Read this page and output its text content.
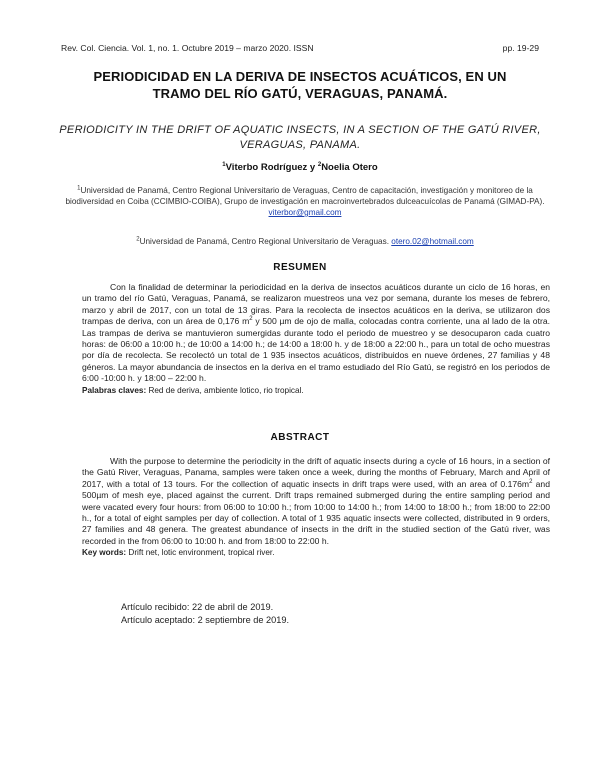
Rev. Col. Ciencia. Vol. 1, no. 1. Octubre 2019 – marzo 2020. ISSN	pp. 19-29
PERIODICIDAD EN LA DERIVA DE INSECTOS ACUÁTICOS, EN UN
TRAMO DEL RÍO GATÚ, VERAGUAS, PANAMÁ.
PERIODICITY IN THE DRIFT OF AQUATIC INSECTS, IN A SECTION OF THE GATÚ RIVER,
VERAGUAS, PANAMA.
$^1$Viterbo Rodríguez y $^2$Noelia Otero
$^1$Universidad de Panamá, Centro Regional Universitario de Veraguas, Centro de capacitación, investigación y monitoreo de la biodiversidad en Coiba (CCIMBIO-COIBA), Grupo de investigación en macroinvertebrados dulceacuícolas de Panamá (GIMAD-PA). viterbor@gmail.com
$^2$Universidad de Panamá, Centro Regional Universitario de Veraguas. otero.02@hotmail.com
RESUMEN

Con la finalidad de determinar la periodicidad en la deriva de insectos acuáticos durante un ciclo de 16 horas, en un tramo del río Gatú, Veraguas, Panamá, se realizaron muestreos una vez por semana, durante los meses de febrero, marzo y abril de 2017, con un total de 13 giras. Para la recolecta de insectos acuáticos en la deriva, se utilizaron dos trampas de deriva, con un área de 0,176 $m^2$ y 500 µm de ojo de malla, colocadas contra corriente, una al lado de la otra. Las trampas de deriva se mantuvieron sumergidas durante todo el periodo de muestreo y se desocuparon cada cuatro horas: de 06:00 a 10:00 h.; de 10:00 a 14:00 h.; de 14:00 a 18:00 h. y de 18:00 a 22:00 h., para un total de ocho muestras por día de recolecta. Se recolectó un total de 1 935 insectos acuáticos, distribuidos en nueve órdenes, 27 familias y 48 géneros. La mayor abundancia de insectos en la deriva en el tramo estudiado del Río Gatú, se registró en los periodos de 6:00 -10:00 h. y 18:00 – 22:00 h.

Palabras claves: Red de deriva, ambiente lotico, rio tropical.

ABSTRACT

With the purpose to determine the periodicity in the drift of aquatic insects during a cycle of 16 hours, in a section of the Gatú River, Veraguas, Panama, samples were taken once a week, during the months of February, March and April of 2017, with a total of 13 tours. For the collection of aquatic insects in drift traps were used, with an area of $0.176m^2$ and 500µm of mesh eye, placed against the current. Drift traps remained submerged during the entire sampling period and were vacated every four hours: from 06:00 to 10:00 h.; from 10:00 to 14:00 h.; from 14:00 to 18:00 h.; from 18:00 to 22:00 h., for a total of eight samples per day of collection. A total of 1 935 aquatic insects were collected, distributed in 9 orders, 27 families and 48 genera. The greatest abundance of insects in the drift in the studied section of the Gatú river, was recorded in the from 06:00 to 10:00 h. and from 18:00 to 22:00 h.

Key words: Drift net, lotic environment, tropical river.

Artículo recibido: 22 de abril de 2019.
Artículo aceptado: 2 septiembre de 2019.
